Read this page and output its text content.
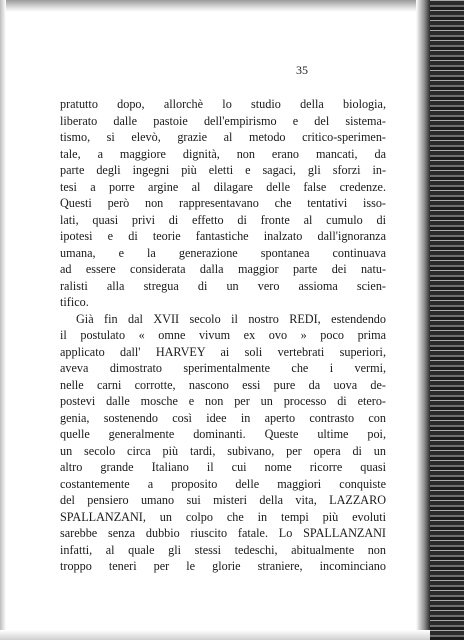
35
pratutto dopo, allorchè lo studio della biologia,
liberato dalle pastoie dell'empirismo e del sistema-
tismo, si elevò, grazie al metodo critico-sperimen-
tale, a maggiore dignità, non erano mancati, da
parte degli ingegni più eletti e sagaci, gli sforzi in-
tesi a porre argine al dilagare delle false credenze.
Questi però non rappresentavano che tentativi isso-
lati, quasi privi di effetto di fronte al cumulo di
ipotesi e di teorie fantastiche inalzato dall'ignoranza
umana, e la generazione spontanea continuava
ad essere considerata dalla maggior parte dei natu-
ralisti alla stregua di un vero assioma scien-
tifico.
Già fin dal XVII secolo il nostro REDI, estendendo
il postulato « omne vivum ex ovo » poco prima
applicato dall' HARVEY ai soli vertebrati superiori,
aveva dimostrato sperimentalmente che i vermi,
nelle carni corrotte, nascono essi pure da uova de-
postevi dalle mosche e non per un processo di etero-
genia, sostenendo così idee in aperto contrasto con
quelle generalmente dominanti. Queste ultime poi,
un secolo circa più tardi, subivano, per opera di un
altro grande Italiano il cui nome ricorre quasi
costantemente a proposito delle maggiori conquiste
del pensiero umano sui misteri della vita, LAZZARO
SPALLANZANI, un colpo che in tempi più evoluti
sarebbe senza dubbio riuscito fatale. Lo SPALLANZANI
infatti, al quale gli stessi tedeschi, abitualmente non
troppo teneri per le glorie straniere, incominciano
